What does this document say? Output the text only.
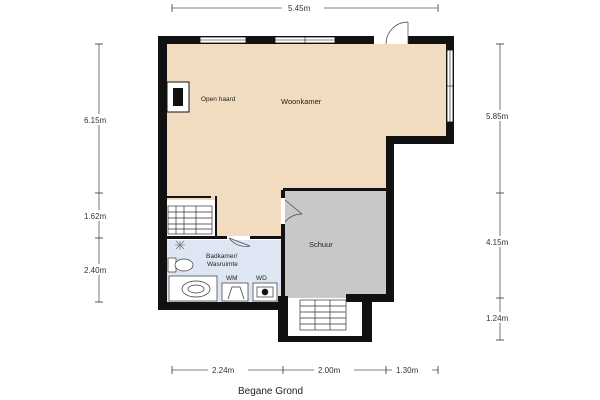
Open haard	Woonkamer
Schuur
Badkamer/
Wasruimte
WM	WD
5.45m
6.15m
1.62m
2.40m
5.85m
4.15m
1.24m
2.24m	2.00m	1.30m
Begane Grond
